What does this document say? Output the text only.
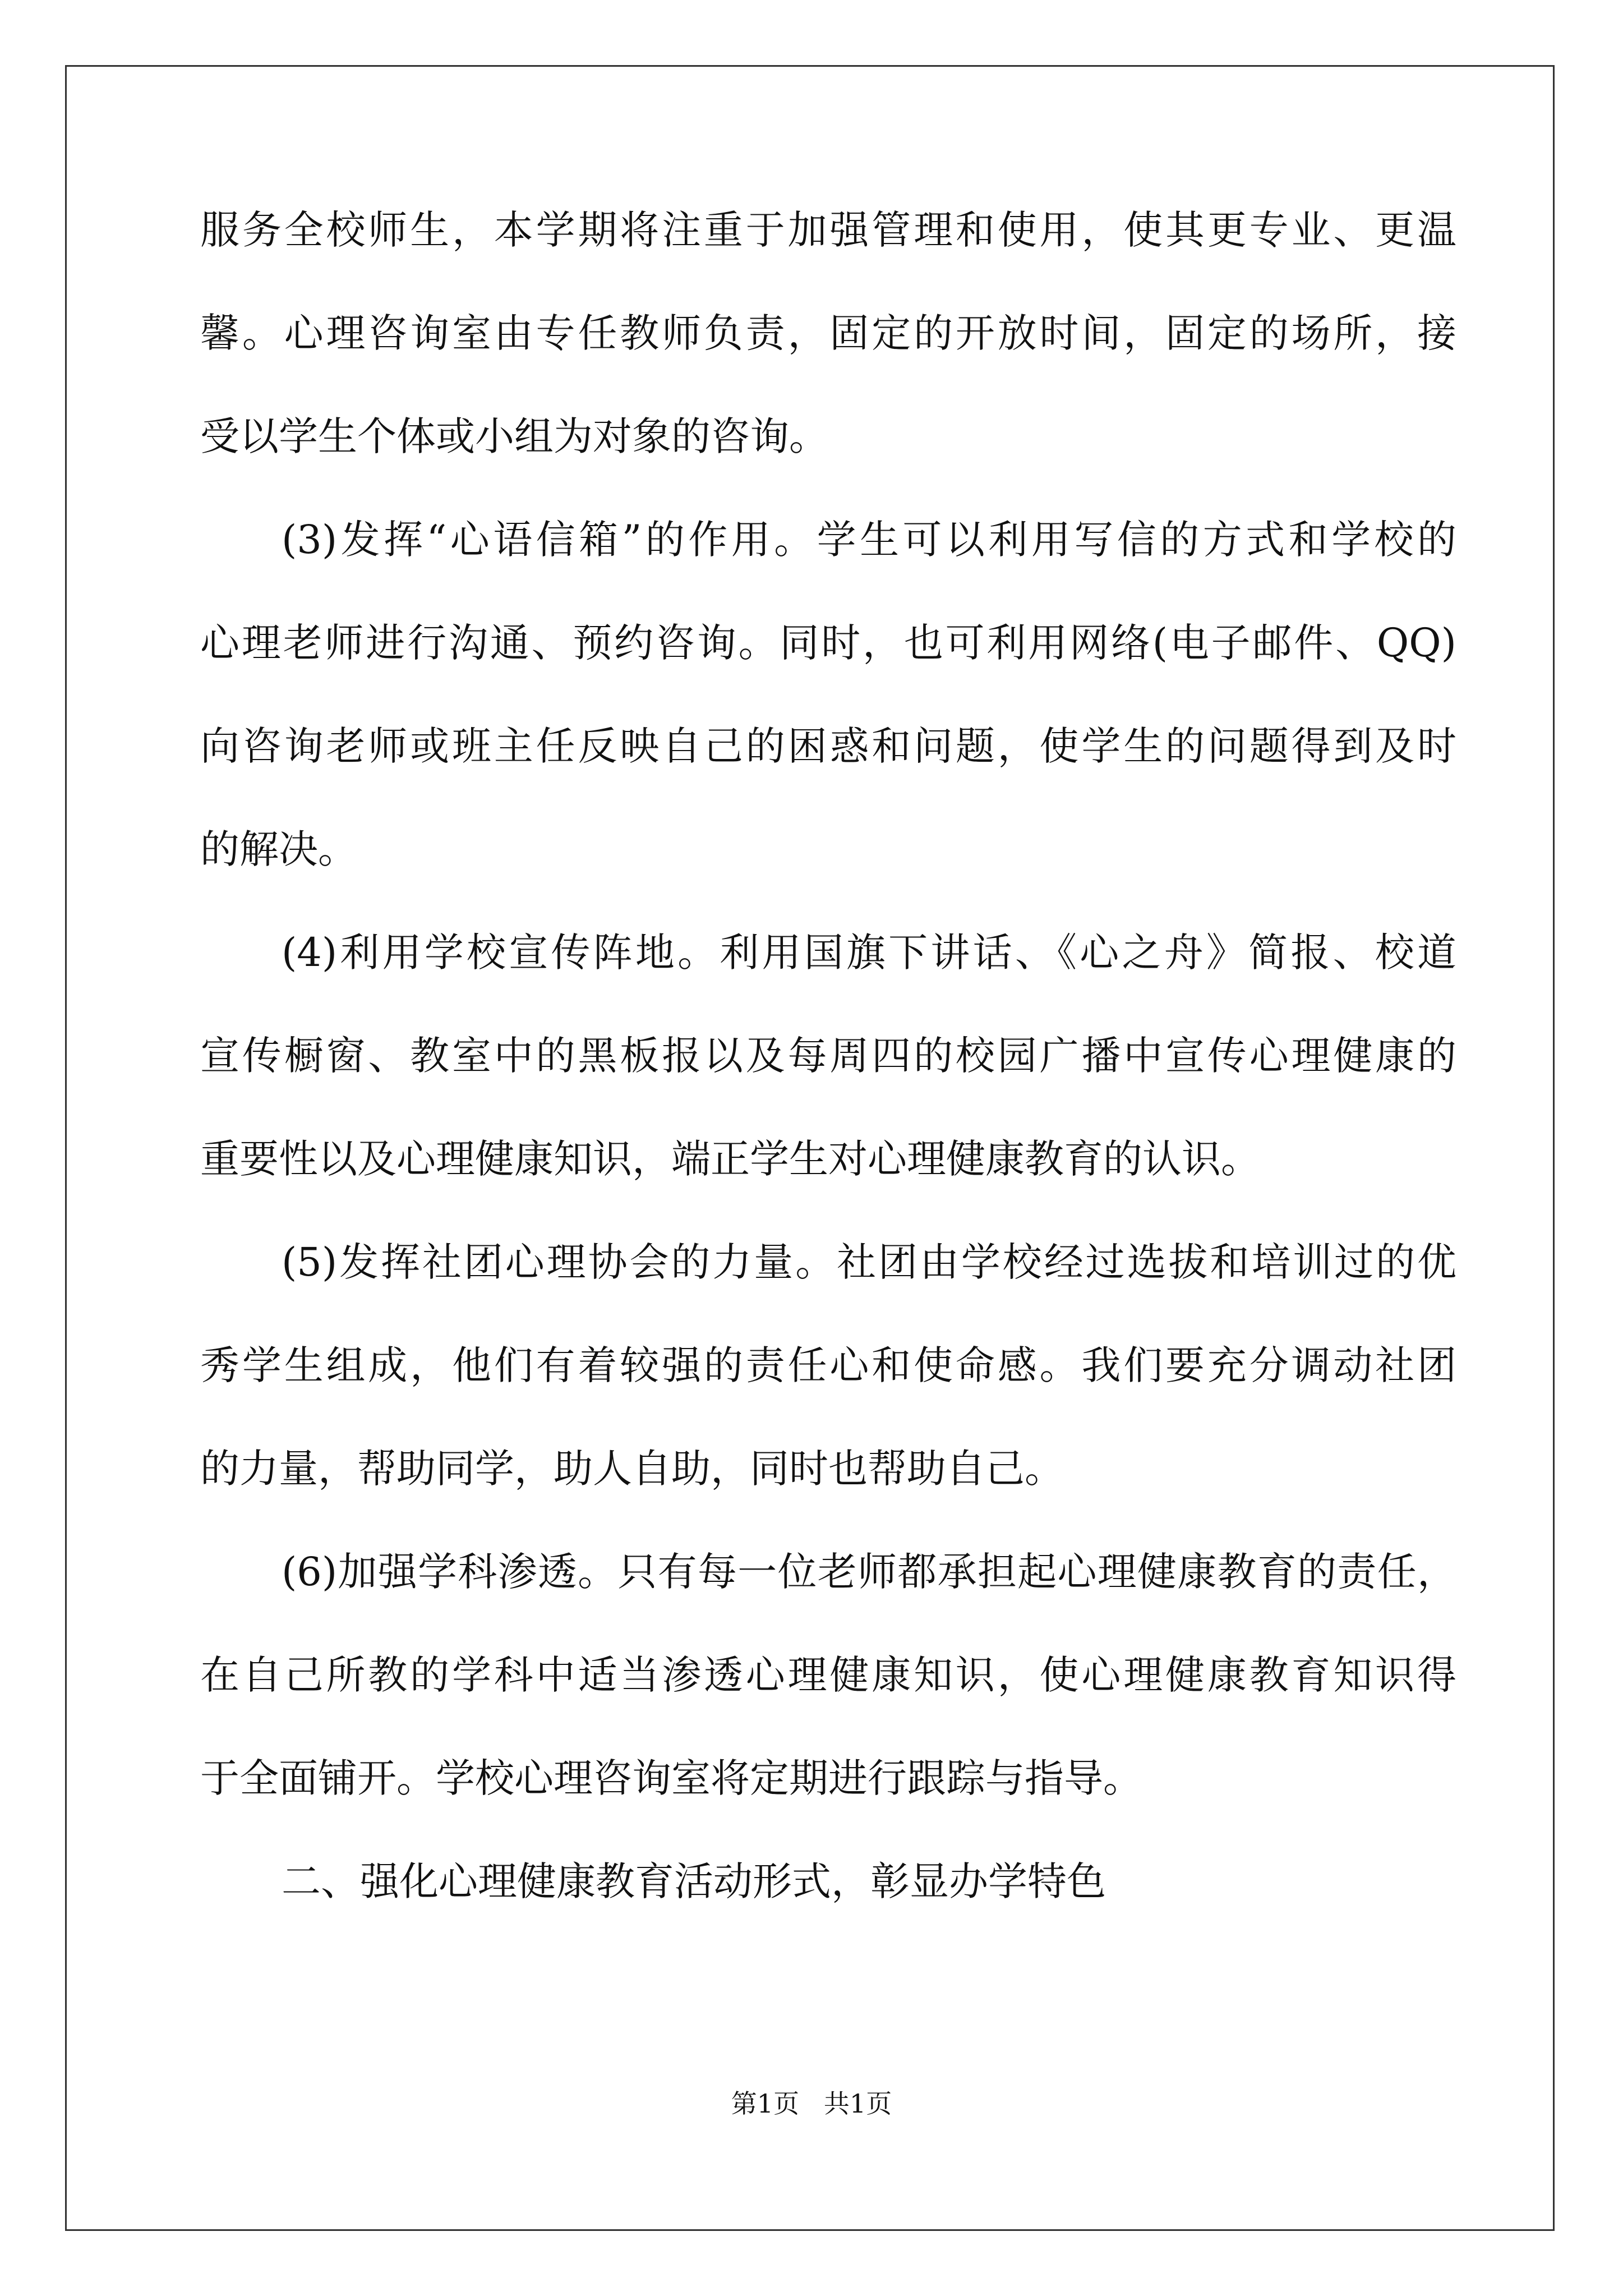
服务全校师生，本学期将注重于加强管理和使用，使其更专业、更温
馨。心理咨询室由专任教师负责，固定的开放时间，固定的场所，接
受以学生个体或小组为对象的咨询。
(3)发挥“心语信箱”的作用。学生可以利用写信的方式和学校的
心理老师进行沟通、预约咨询。同时，也可利用网络(电子邮件、QQ)
向咨询老师或班主任反映自己的困惑和问题，使学生的问题得到及时
的解决。
(4)利用学校宣传阵地。利用国旗下讲话、《心之舟》简报、校道
宣传橱窗、教室中的黑板报以及每周四的校园广播中宣传心理健康的
重要性以及心理健康知识，端正学生对心理健康教育的认识。
(5)发挥社团心理协会的力量。社团由学校经过选拔和培训过的优
秀学生组成，他们有着较强的责任心和使命感。我们要充分调动社团
的力量，帮助同学，助人自助，同时也帮助自己。
(6)加强学科渗透。只有每一位老师都承担起心理健康教育的责任，
在自己所教的学科中适当渗透心理健康知识，使心理健康教育知识得
于全面铺开。学校心理咨询室将定期进行跟踪与指导。
二、强化心理健康教育活动形式，彰显办学特色
第1页   共1页
